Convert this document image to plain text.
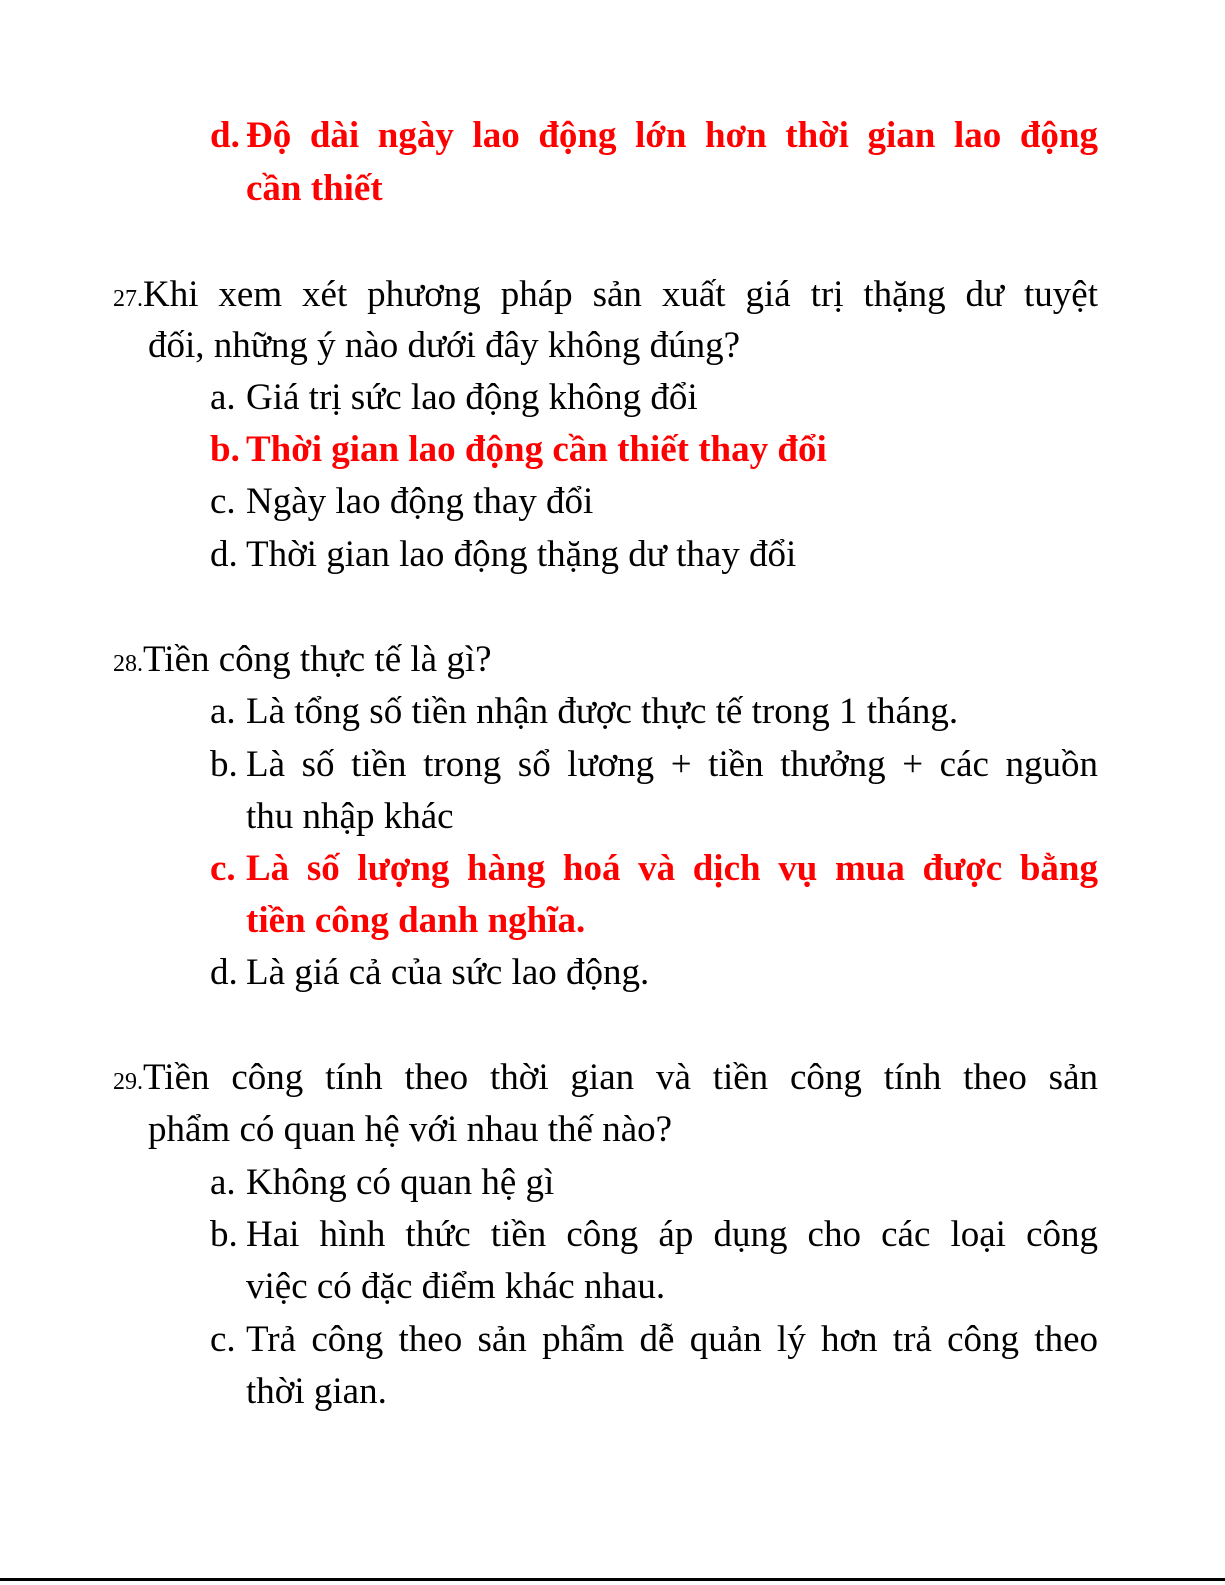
d. Độ dài ngày lao động lớn hơn thời gian lao động
cần thiết
27.Khi xem xét phương pháp sản xuất giá trị thặng dư tuyệt
đối, những ý nào dưới đây không đúng?
a. Giá trị sức lao động không đổi
b. Thời gian lao động cần thiết thay đổi
c. Ngày lao động thay đổi
d. Thời gian lao động thặng dư thay đổi
28.Tiền công thực tế là gì?
a. Là tổng số tiền nhận được thực tế trong 1 tháng.
b. Là số tiền trong sổ lương + tiền thưởng + các nguồn
thu nhập khác
c. Là số lượng hàng hoá và dịch vụ mua được bằng
tiền công danh nghĩa.
d. Là giá cả của sức lao động.
29.Tiền công tính theo thời gian và tiền công tính theo sản
phẩm có quan hệ với nhau thế nào?
a. Không có quan hệ gì
b. Hai hình thức tiền công áp dụng cho các loại công
việc có đặc điểm khác nhau.
c. Trả công theo sản phẩm dễ quản lý hơn trả công theo
thời gian.
